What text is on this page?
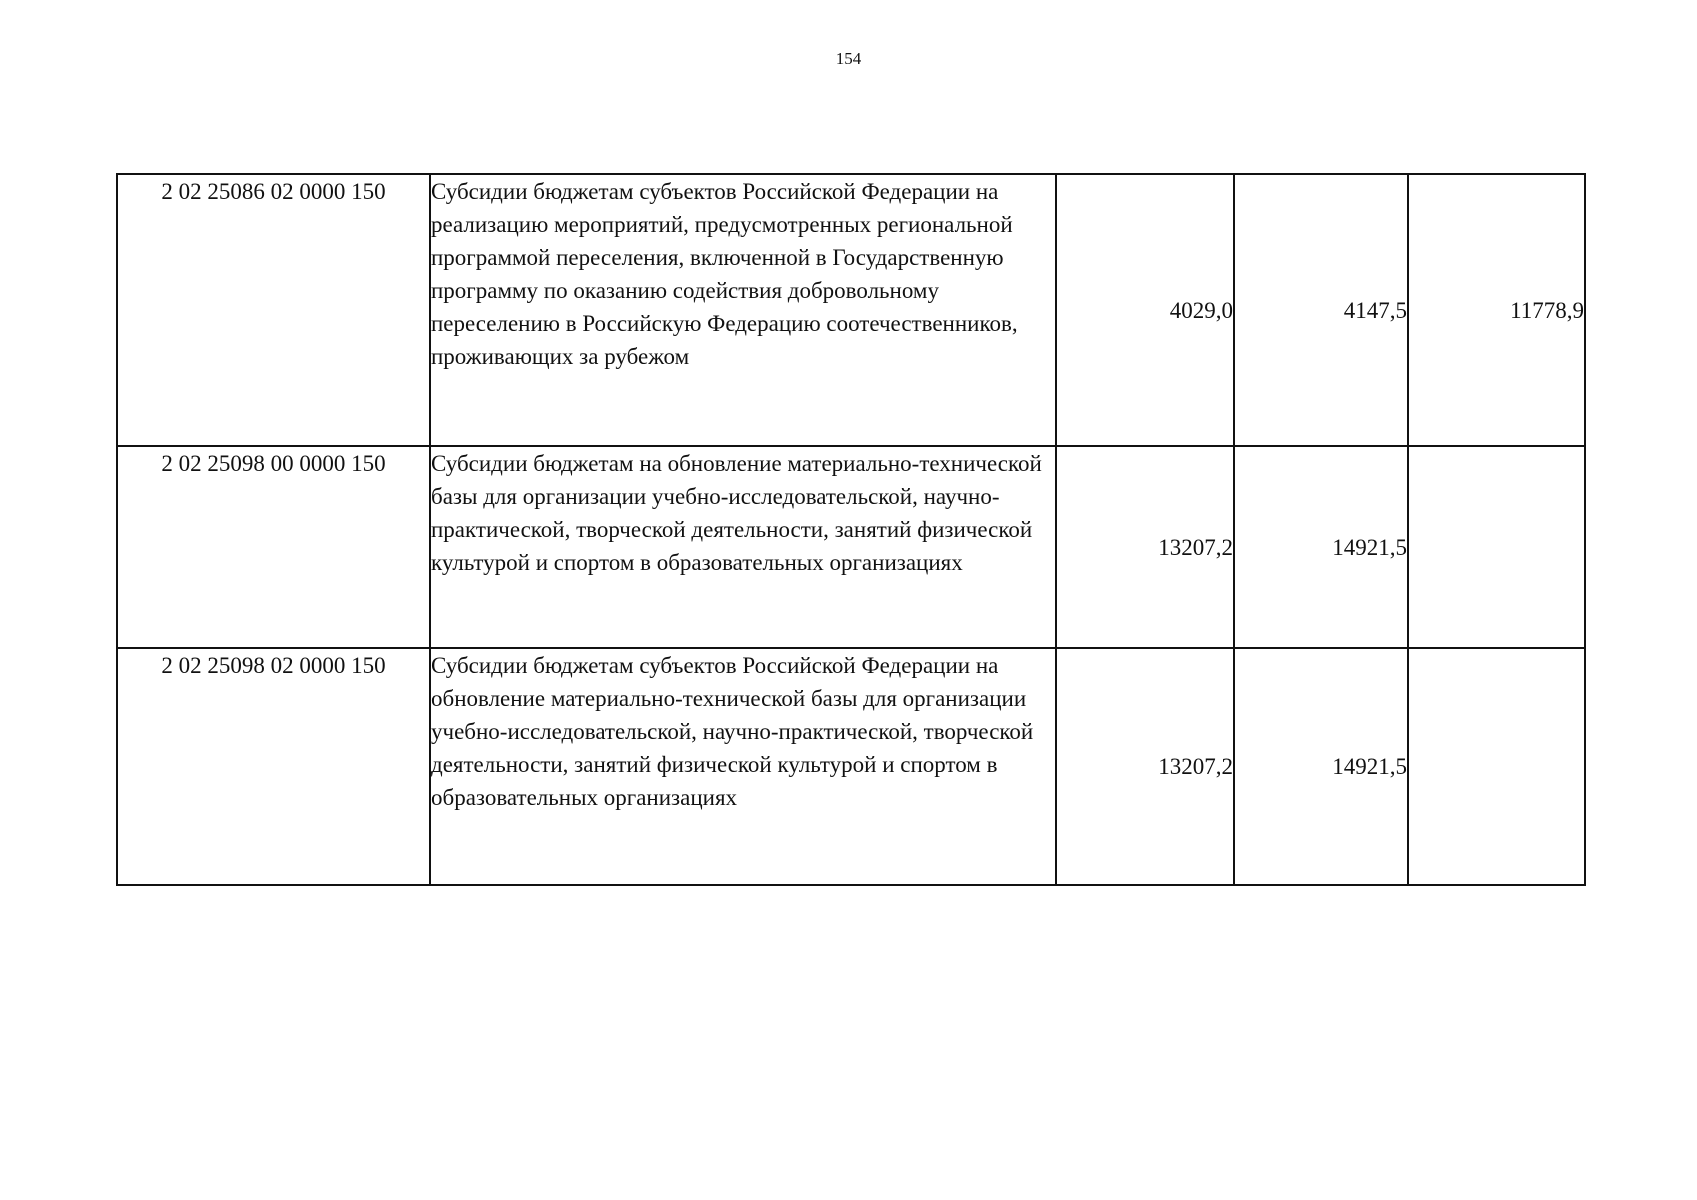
154
2 02 25086 02 0000 150	Субсидии бюджетам субъектов Российской Федерации на реализацию мероприятий, предусмотренных региональной программой переселения, включенной в Государственную программу по оказанию содействия добровольному переселению в Российскую Федерацию соотечественников, проживающих за рубежом	4029,0	4147,5	11778,9
2 02 25098 00 0000 150	Субсидии бюджетам на обновление материально-технической базы для организации учебно-исследовательской, научно-практической, творческой деятельности, занятий физической культурой и спортом в образовательных организациях	13207,2	14921,5	
2 02 25098 02 0000 150	Субсидии бюджетам субъектов Российской Федерации на обновление материально-технической базы для организации учебно-исследовательской, научно-практической, творческой деятельности, занятий физической культурой и спортом в образовательных организациях	13207,2	14921,5	
